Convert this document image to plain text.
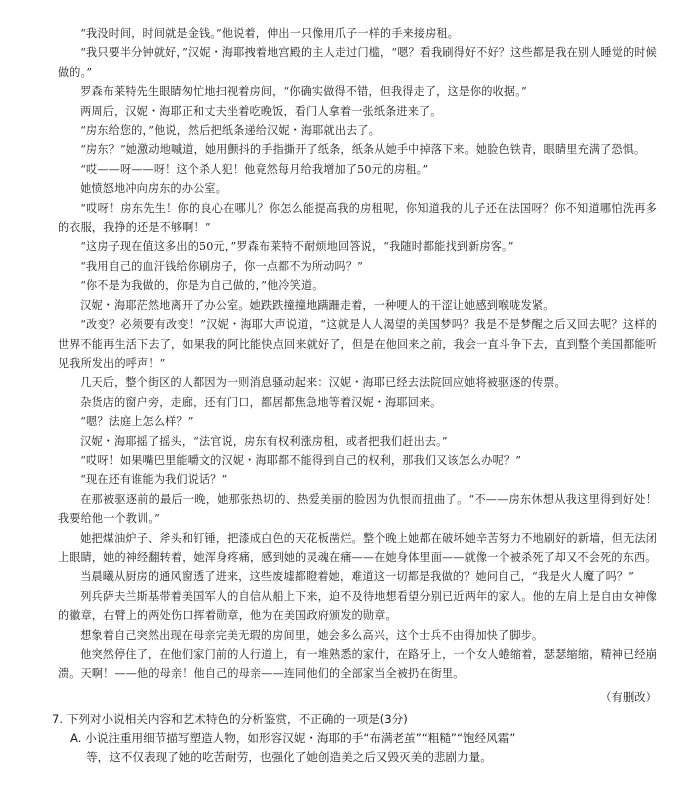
“我没时间，时间就是金钱。”他说着，伸出一只像用爪子一样的手来接房租。

“我只要半分钟就好，”汉妮・海耶拽着地宫殿的主人走过门槛，“嗯？看我刷得好不好？这些都是我在别人睡觉的时候做的。”

罗森布莱特先生眼睛匆忙地扫视着房间，“你确实做得不错，但我得走了，这是你的收据。”

两周后，汉妮・海耶正和丈夫坐着吃晚饭，看门人拿着一张纸条进来了。

“房东给您的，”他说，然后把纸条递给汉妮・海耶就出去了。

“房东？”她激动地嘁道，她用颤抖的手指撕开了纸条，纸条从她手中掉落下来。她脸色铁青，眼睛里充满了恐惧。

“哎——呀——呀！这个杀人犯！他竟然每月给我增加了50元的房租。”

她愤怒地冲向房东的办公室。

“哎呀！房东先生！你的良心在哪儿？你怎么能提高我的房租呢，你知道我的儿子还在法国呀？你不知道哪怕洗再多的衣服，我挣的还是不够啊！”

“这房子现在值这多出的50元，”罗森布莱特不耐烦地回答说，“我随时都能找到新房客。”

“我用自己的血汗钱给你刷房子，你一点都不为所动吗？”

“你不是为我做的，你是为自己做的，”他冷笑道。

汉妮・海耶茫然地离开了办公室。她跌跌撞撞地蹒跚走着，一种哽人的干涩让她感到喉咙发紧。

“改变？必须要有改变！”汉妮・海耶大声说道，“这就是人人渴望的美国梦吗？我是不是梦醒之后又回去呢？这样的世界不能再生活下去了，如果我的阿比能快点回来就好了，但是在他回来之前，我会一直斗争下去，直到整个美国都能听见我所发出的呼声！”

几天后，整个街区的人都因为一则消息骚动起来：汉妮・海耶已经去法院回应她将被驱逐的传票。

杂货店的窗户旁，走廊，还有门口，都居都焦急地等着汉妮・海耶回来。

“嗯？法庭上怎么样？”

汉妮・海耶摇了摇头，“法官说，房东有权利涨房租，或者把我们赶出去。”

“哎呀！如果嘴巴里能嚼文的汉妮・海耶都不能得到自己的权利，那我们又该怎么办呢？”

“现在还有谁能为我们说话？”

在那被驱逐前的最后一晚，她那张热切的、热爱美丽的脸因为仇恨而扭曲了。“不——房东休想从我这里得到好处！我要给他一个教训。”

她把煤油炉子、斧头和钉锤，把漆成白色的天花板凿烂。整个晚上她都在破坏她辛苦努力不地刷好的新墙，但无法闭上眼睛，她的神经翻转着，她浑身疼痛，感到她的灵魂在痛——在她身体里面——就像一个被杀死了却又不会死的东西。

当晨曦从厨房的通风窗透了进来，这些废墟都瞪着她，难道这一切都是我做的？她问自己，“我是火人魔了吗？”

列兵萨夫兰斯基带着美国军人的自信从船上下来，迫不及待地想看望分别已近两年的家人。他的左肩上是自由女神像的徽章，右臂上的两处伤口挥着勋章，他为在美国政府颁发的勋章。

想象着自己突然出现在母亲完美无瑕的房间里，她会多么高兴，这个士兵不由得加快了脚步。

他突然停住了，在他们家门前的人行道上，有一堆熟悉的家什，在路牙上，一个女人蜷缩着，瑟瑟缩缩，精神已经崩溃。天啊！——他的母亲！他自己的母亲——连同他们的全部家当全被扔在街里。

（有删改）

7. 下列对小说相关内容和艺术特色的分析鉴赏，不正确的一项是(3分)

A. 小说注重用细节描写塑造人物，如形容汉妮・海耶的手“布满老茧”“粗糙”“饱经风霜”

等，这不仅表现了她的吃苦耐劳，也强化了她创造美之后又毁灭美的悲剧力量。
